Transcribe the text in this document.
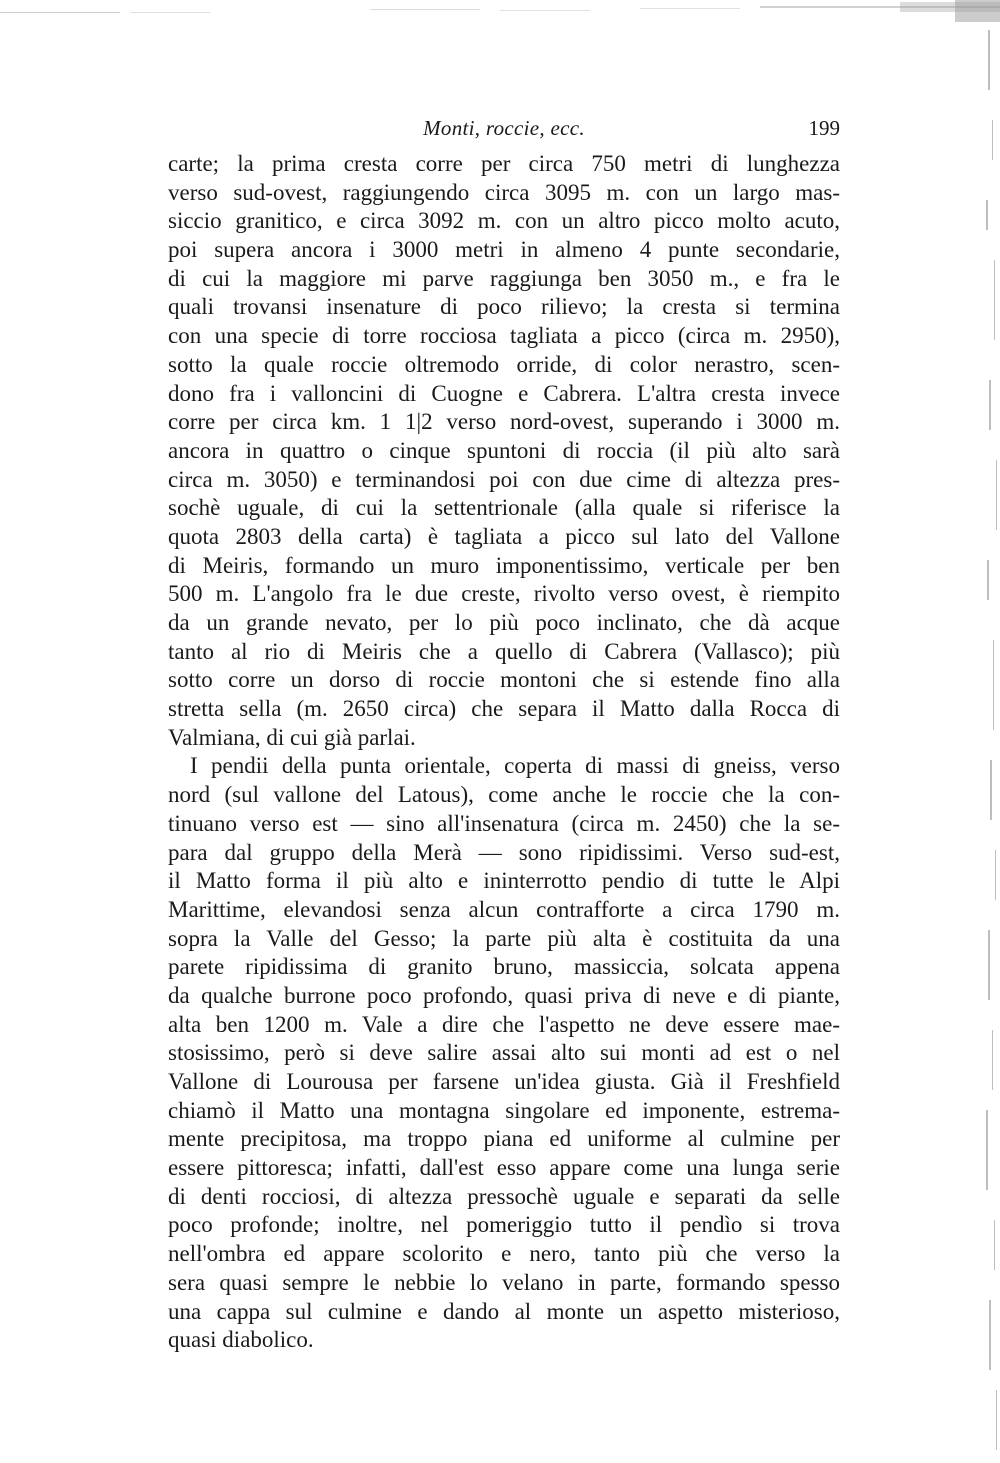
Monti, roccie, ecc.	199
carte; la prima cresta corre per circa 750 metri di lunghezza
verso sud-ovest, raggiungendo circa 3095 m. con un largo mas-
siccio granitico, e circa 3092 m. con un altro picco molto acuto,
poi supera ancora i 3000 metri in almeno 4 punte secondarie,
di cui la maggiore mi parve raggiunga ben 3050 m., e fra le
quali trovansi insenature di poco rilievo; la cresta si termina
con una specie di torre rocciosa tagliata a picco (circa m. 2950),
sotto la quale roccie oltremodo orride, di color nerastro, scen-
dono fra i valloncini di Cuogne e Cabrera. L'altra cresta invece
corre per circa km. 1 1|2 verso nord-ovest, superando i 3000 m.
ancora in quattro o cinque spuntoni di roccia (il più alto sarà
circa m. 3050) e terminandosi poi con due cime di altezza pres-
sochè uguale, di cui la settentrionale (alla quale si riferisce la
quota 2803 della carta) è tagliata a picco sul lato del Vallone
di Meiris, formando un muro imponentissimo, verticale per ben
500 m. L'angolo fra le due creste, rivolto verso ovest, è riempito
da un grande nevato, per lo più poco inclinato, che dà acque
tanto al rio di Meiris che a quello di Cabrera (Vallasco); più
sotto corre un dorso di roccie montoni che si estende fino alla
stretta sella (m. 2650 circa) che separa il Matto dalla Rocca di
Valmiana, di cui già parlai.
I pendii della punta orientale, coperta di massi di gneiss, verso
nord (sul vallone del Latous), come anche le roccie che la con-
tinuano verso est — sino all'insenatura (circa m. 2450) che la se-
para dal gruppo della Merà — sono ripidissimi. Verso sud-est,
il Matto forma il più alto e ininterrotto pendio di tutte le Alpi
Marittime, elevandosi senza alcun contrafforte a circa 1790 m.
sopra la Valle del Gesso; la parte più alta è costituita da una
parete ripidissima di granito bruno, massiccia, solcata appena
da qualche burrone poco profondo, quasi priva di neve e di piante,
alta ben 1200 m. Vale a dire che l'aspetto ne deve essere mae-
stosissimo, però si deve salire assai alto sui monti ad est o nel
Vallone di Lourousa per farsene un'idea giusta. Già il Freshfield
chiamò il Matto una montagna singolare ed imponente, estrema-
mente precipitosa, ma troppo piana ed uniforme al culmine per
essere pittoresca; infatti, dall'est esso appare come una lunga serie
di denti rocciosi, di altezza pressochè uguale e separati da selle
poco profonde; inoltre, nel pomeriggio tutto il pendìo si trova
nell'ombra ed appare scolorito e nero, tanto più che verso la
sera quasi sempre le nebbie lo velano in parte, formando spesso
una cappa sul culmine e dando al monte un aspetto misterioso,
quasi diabolico.
